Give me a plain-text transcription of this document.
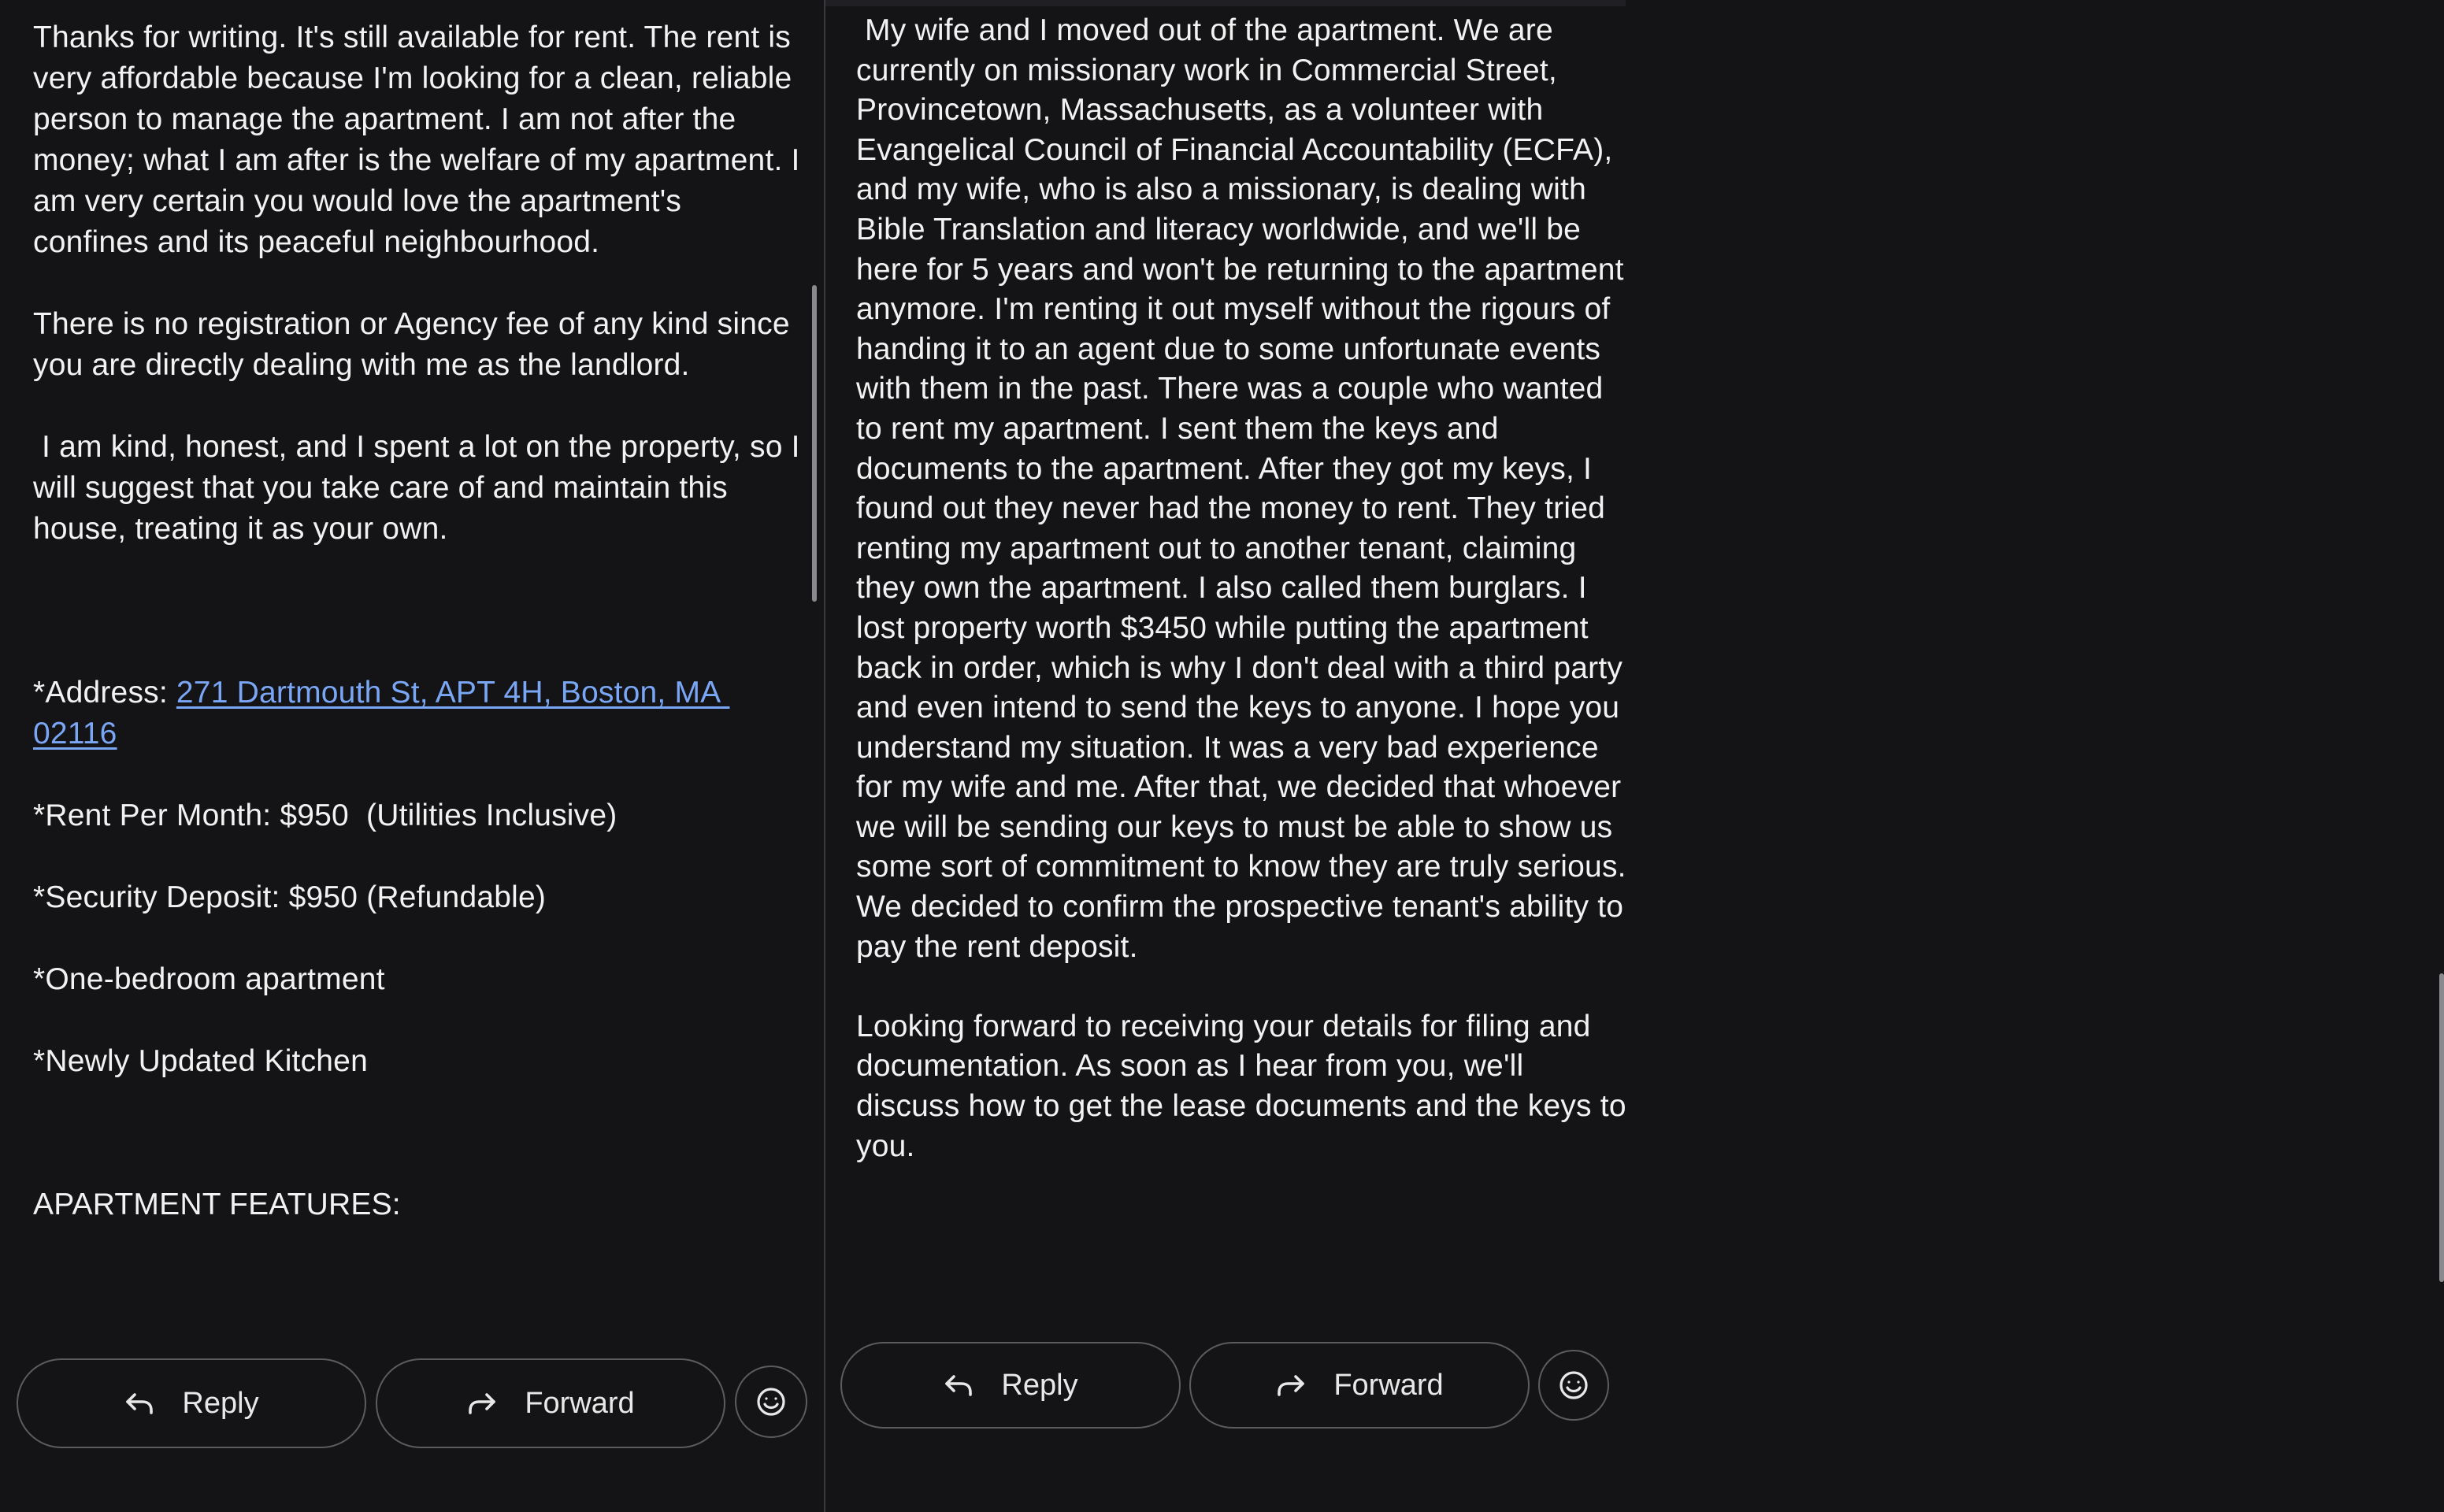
Thanks for writing. It's still available for rent. The rent is very affordable because I'm looking for a clean, reliable person to manage the apartment. I am not after the money; what I am after is the welfare of my apartment. I am very certain you would love the apartment's confines and its peaceful neighbourhood.
There is no registration or Agency fee of any kind since you are directly dealing with me as the landlord.
I am kind, honest, and I spent a lot on the property, so I will suggest that you take care of and maintain this house, treating it as your own.
*Address: 271 Dartmouth St, APT 4H, Boston, MA 02116
*Rent Per Month: $950  (Utilities Inclusive)
*Security Deposit: $950 (Refundable)
*One-bedroom apartment
*Newly Updated Kitchen
APARTMENT FEATURES:
Reply	Forward
My wife and I moved out of the apartment. We are currently on missionary work in Commercial Street, Provincetown, Massachusetts, as a volunteer with Evangelical Council of Financial Accountability (ECFA), and my wife, who is also a missionary, is dealing with Bible Translation and literacy worldwide, and we'll be here for 5 years and won't be returning to the apartment anymore. I'm renting it out myself without the rigours of handing it to an agent due to some unfortunate events with them in the past. There was a couple who wanted to rent my apartment. I sent them the keys and documents to the apartment. After they got my keys, I found out they never had the money to rent. They tried renting my apartment out to another tenant, claiming they own the apartment. I also called them burglars. I lost property worth $3450 while putting the apartment back in order, which is why I don't deal with a third party and even intend to send the keys to anyone. I hope you understand my situation. It was a very bad experience for my wife and me. After that, we decided that whoever we will be sending our keys to must be able to show us some sort of commitment to know they are truly serious. We decided to confirm the prospective tenant's ability to pay the rent deposit.
Looking forward to receiving your details for filing and documentation. As soon as I hear from you, we'll discuss how to get the lease documents and the keys to you.
Reply	Forward
